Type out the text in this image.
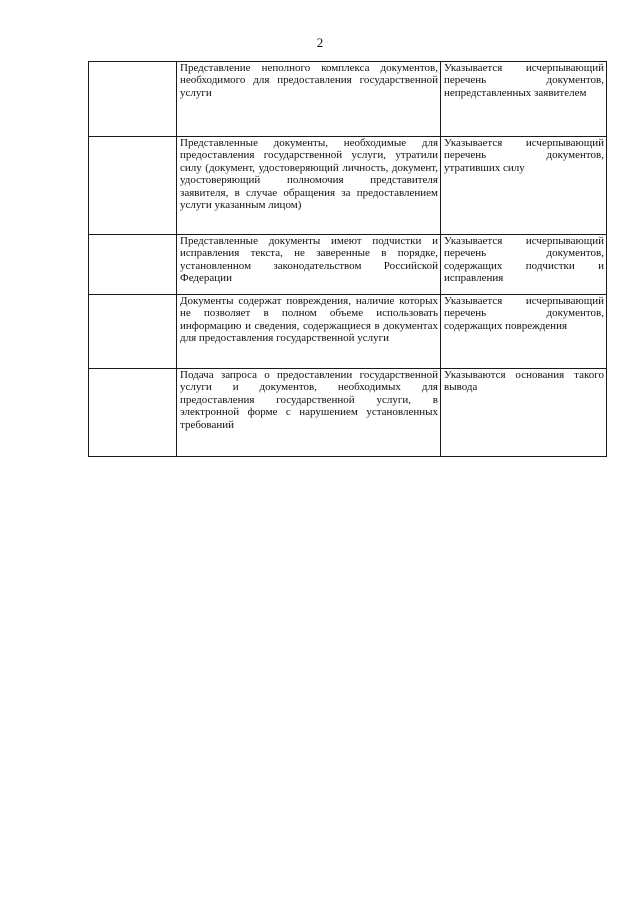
2

	Представление неполного комплекса документов, необходимого для предоставления государственной услуги	Указывается исчерпывающий перечень документов, непредставленных заявителем

	Представленные документы, необходимые для предоставления государственной услуги, утратили силу (документ, удостоверяющий личность, документ, удостоверяющий полномочия представителя заявителя, в случае обращения за предоставлением услуги указанным лицом)	Указывается исчерпывающий перечень документов, утративших силу

	Представленные документы имеют подчистки и исправления текста, не заверенные в порядке, установленном законодательством Российской Федерации	Указывается исчерпывающий перечень документов, содержащих подчистки и исправления

	Документы содержат повреждения, наличие которых не позволяет в полном объеме использовать информацию и сведения, содержащиеся в документах для предоставления государственной услуги	Указывается исчерпывающий перечень документов, содержащих повреждения

	Подача запроса о предоставлении государственной услуги и документов, необходимых для предоставления государственной услуги, в электронной форме с нарушением установленных требований	Указываются основания такого вывода
